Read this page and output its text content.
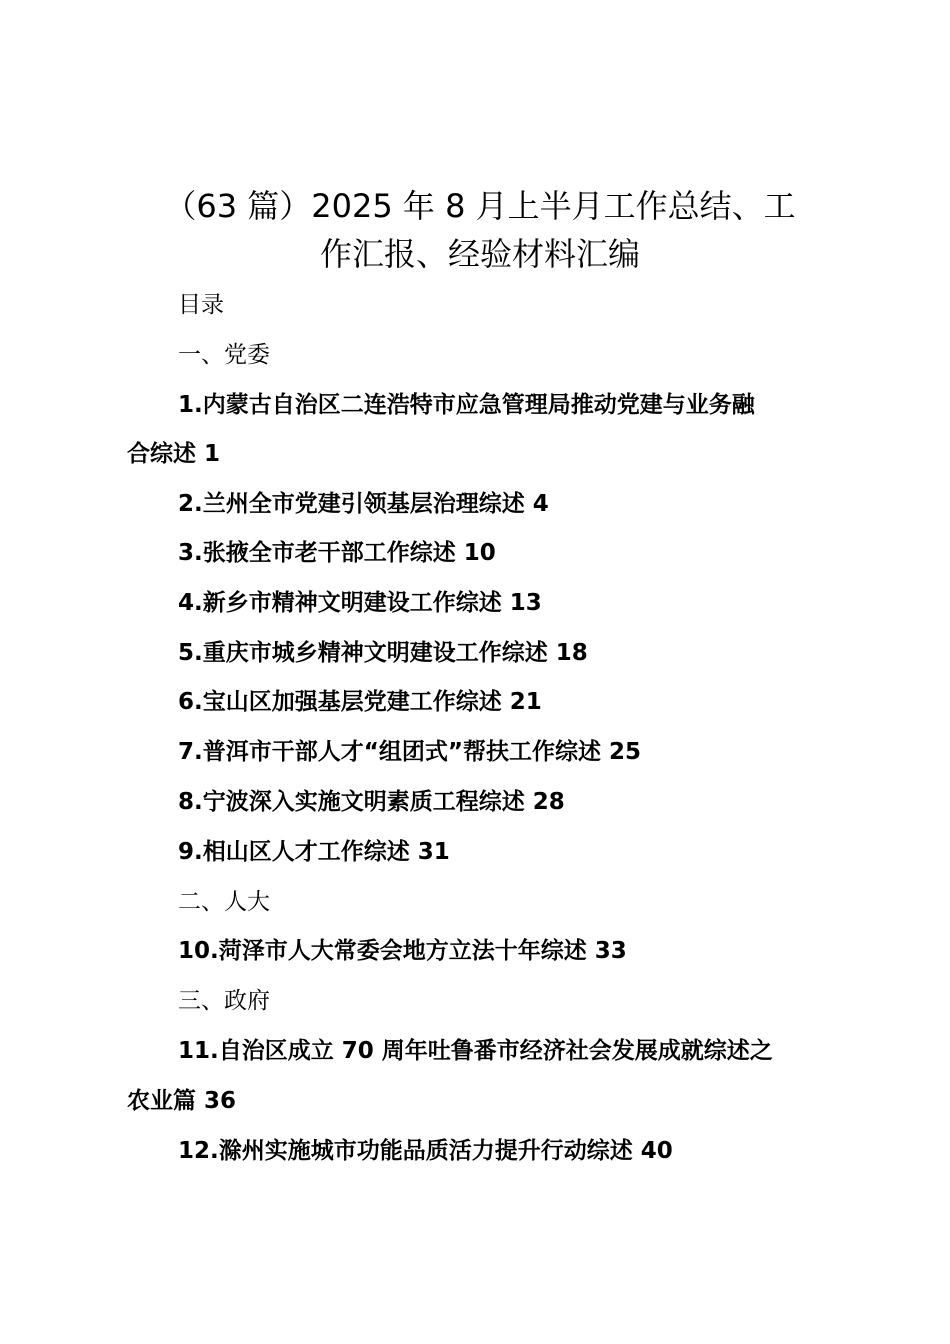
（63 篇）2025 年 8 月上半月工作总结、工
作汇报、经验材料汇编
目录
一、党委
1.内蒙古自治区二连浩特市应急管理局推动党建与业务融
合综述 1
2.兰州全市党建引领基层治理综述 4
3.张掖全市老干部工作综述 10
4.新乡市精神文明建设工作综述 13
5.重庆市城乡精神文明建设工作综述 18
6.宝山区加强基层党建工作综述 21
7.普洱市干部人才“组团式”帮扶工作综述 25
8.宁波深入实施文明素质工程综述 28
9.相山区人才工作综述 31
二、人大
10.菏泽市人大常委会地方立法十年综述 33
三、政府
11.自治区成立 70 周年吐鲁番市经济社会发展成就综述之
农业篇 36
12.滁州实施城市功能品质活力提升行动综述 40
